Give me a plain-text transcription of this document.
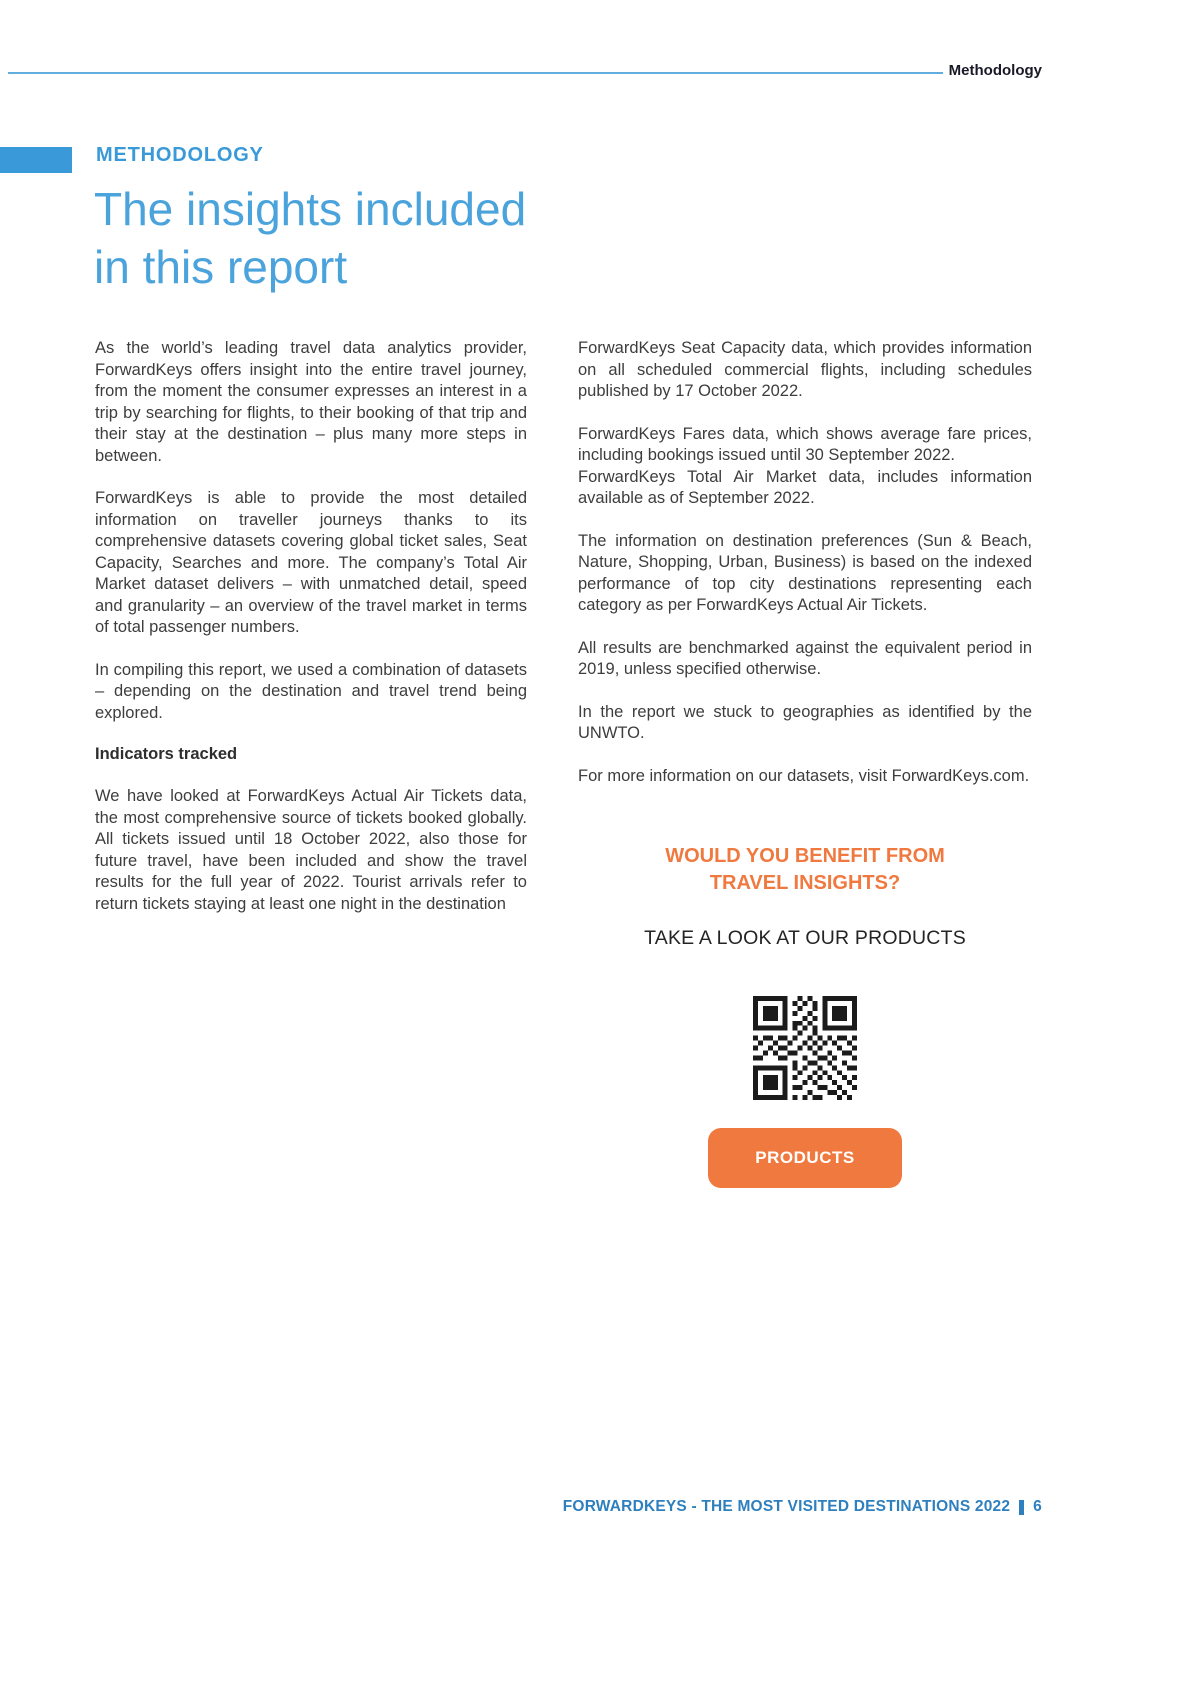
Methodology
METHODOLOGY
The insights included
in this report

As the world’s leading travel data analytics provider, ForwardKeys offers insight into the entire travel journey, from the moment the consumer expresses an interest in a trip by searching for flights, to their booking of that trip and their stay at the destination – plus many more steps in between.

ForwardKeys is able to provide the most detailed information on traveller journeys thanks to its comprehensive datasets covering global ticket sales, Seat Capacity, Searches and more. The company’s Total Air Market dataset delivers – with unmatched detail, speed and granularity – an overview of the travel market in terms of total passenger numbers.

In compiling this report, we used a combination of datasets – depending on the destination and travel trend being explored.

Indicators tracked

We have looked at ForwardKeys Actual Air Tickets data, the most comprehensive source of tickets booked globally. All tickets issued until 18 October 2022, also those for future travel, have been included and show the travel results for the full year of 2022. Tourist arrivals refer to return tickets staying at least one night in the destination

ForwardKeys Seat Capacity data, which provides information on all scheduled commercial flights, including schedules published by 17 October 2022.

ForwardKeys Fares data, which shows average fare prices, including bookings issued until 30 September 2022.

ForwardKeys Total Air Market data, includes information available as of September 2022.

The information on destination preferences (Sun & Beach, Nature, Shopping, Urban, Business) is based on the indexed performance of top city destinations representing each category as per ForwardKeys Actual Air Tickets.

All results are benchmarked against the equivalent period in 2019, unless specified otherwise.

In the report we stuck to geographies as identified by the UNWTO.

For more information on our datasets, visit ForwardKeys.com.

WOULD YOU BENEFIT FROM
TRAVEL INSIGHTS?
TAKE A LOOK AT OUR PRODUCTS
PRODUCTS
FORWARDKEYS - THE MOST VISITED DESTINATIONS 2022 6
